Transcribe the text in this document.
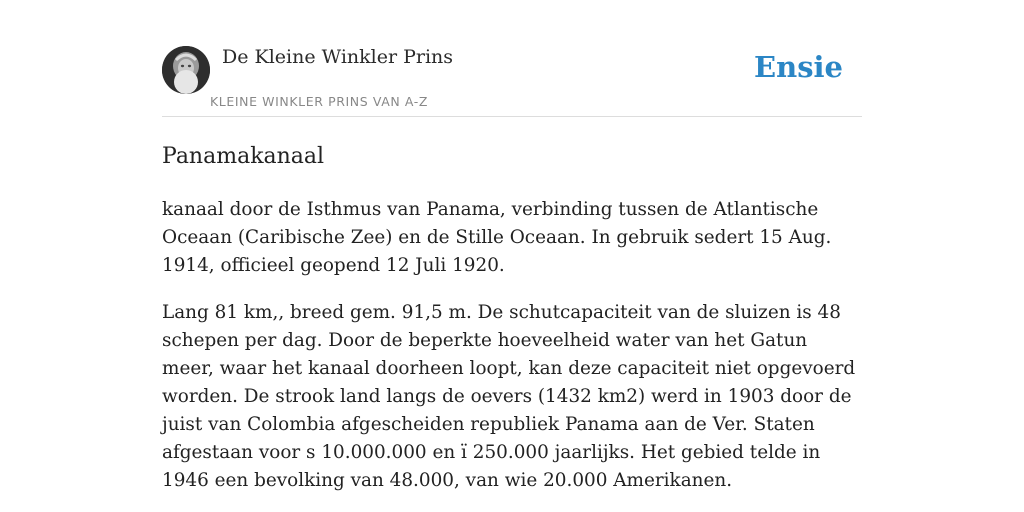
De Kleine Winkler Prins
KLEINE WINKLER PRINS VAN A-Z
Ensie
Panamakanaal

kanaal door de Isthmus van Panama, verbinding tussen de Atlantische Oceaan (Caribische Zee) en de Stille Oceaan. In gebruik sedert 15 Aug. 1914, officieel geopend 12 Juli 1920.

Lang 81 km,, breed gem. 91,5 m. De schutcapaciteit van de sluizen is 48 schepen per dag. Door de beperkte hoeveelheid water van het Gatun meer, waar het kanaal doorheen loopt, kan deze capaciteit niet opgevoerd worden. De strook land langs de oevers (1432 km2) werd in 1903 door de juist van Colombia afgescheiden republiek Panama aan de Ver. Staten afgestaan voor s 10.000.000 en ï 250.000 jaarlijks. Het gebied telde in 1946 een bevolking van 48.000, van wie 20.000 Amerikanen.
